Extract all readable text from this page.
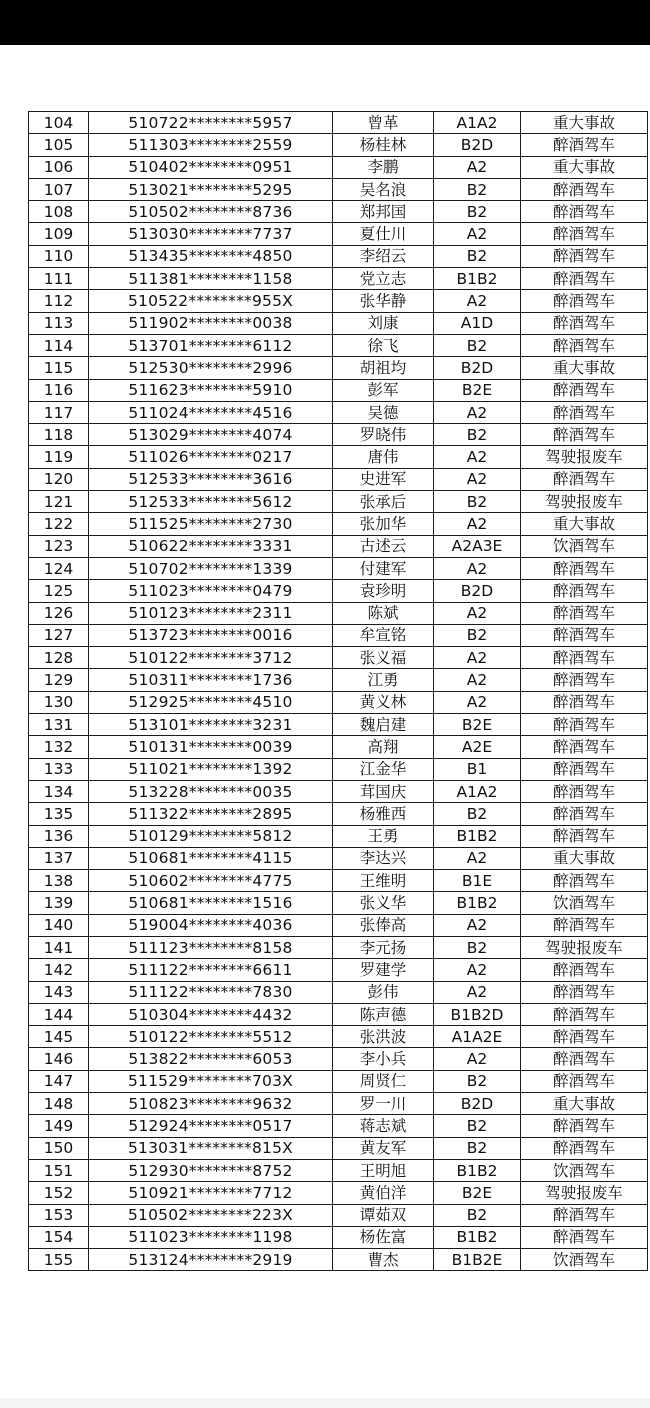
104	510722********5957	曾革	A1A2	重大事故
105	511303********2559	杨桂林	B2D	醉酒驾车
106	510402********0951	李鹏	A2	重大事故
107	513021********5295	吴名浪	B2	醉酒驾车
108	510502********8736	郑邦国	B2	醉酒驾车
109	513030********7737	夏仕川	A2	醉酒驾车
110	513435********4850	李绍云	B2	醉酒驾车
111	511381********1158	党立志	B1B2	醉酒驾车
112	510522********955X	张华静	A2	醉酒驾车
113	511902********0038	刘康	A1D	醉酒驾车
114	513701********6112	徐飞	B2	醉酒驾车
115	512530********2996	胡祖均	B2D	重大事故
116	511623********5910	彭军	B2E	醉酒驾车
117	511024********4516	吴德	A2	醉酒驾车
118	513029********4074	罗晓伟	B2	醉酒驾车
119	511026********0217	唐伟	A2	驾驶报废车
120	512533********3616	史进军	A2	醉酒驾车
121	512533********5612	张承后	B2	驾驶报废车
122	511525********2730	张加华	A2	重大事故
123	510622********3331	古述云	A2A3E	饮酒驾车
124	510702********1339	付建军	A2	醉酒驾车
125	511023********0479	袁珍明	B2D	醉酒驾车
126	510123********2311	陈斌	A2	醉酒驾车
127	513723********0016	牟宣铭	B2	醉酒驾车
128	510122********3712	张义福	A2	醉酒驾车
129	510311********1736	江勇	A2	醉酒驾车
130	512925********4510	黄义林	A2	醉酒驾车
131	513101********3231	魏启建	B2E	醉酒驾车
132	510131********0039	高翔	A2E	醉酒驾车
133	511021********1392	江金华	B1	醉酒驾车
134	513228********0035	茸国庆	A1A2	醉酒驾车
135	511322********2895	杨雅西	B2	醉酒驾车
136	510129********5812	王勇	B1B2	醉酒驾车
137	510681********4115	李达兴	A2	重大事故
138	510602********4775	王维明	B1E	醉酒驾车
139	510681********1516	张义华	B1B2	饮酒驾车
140	519004********4036	张俸高	A2	醉酒驾车
141	511123********8158	李元扬	B2	驾驶报废车
142	511122********6611	罗建学	A2	醉酒驾车
143	511122********7830	彭伟	A2	醉酒驾车
144	510304********4432	陈声德	B1B2D	醉酒驾车
145	510122********5512	张洪波	A1A2E	醉酒驾车
146	513822********6053	李小兵	A2	醉酒驾车
147	511529********703X	周贤仁	B2	醉酒驾车
148	510823********9632	罗一川	B2D	重大事故
149	512924********0517	蒋志斌	B2	醉酒驾车
150	513031********815X	黄友军	B2	醉酒驾车
151	512930********8752	王明旭	B1B2	饮酒驾车
152	510921********7712	黄伯洋	B2E	驾驶报废车
153	510502********223X	谭茹双	B2	醉酒驾车
154	511023********1198	杨佐富	B1B2	醉酒驾车
155	513124********2919	曹杰	B1B2E	饮酒驾车
